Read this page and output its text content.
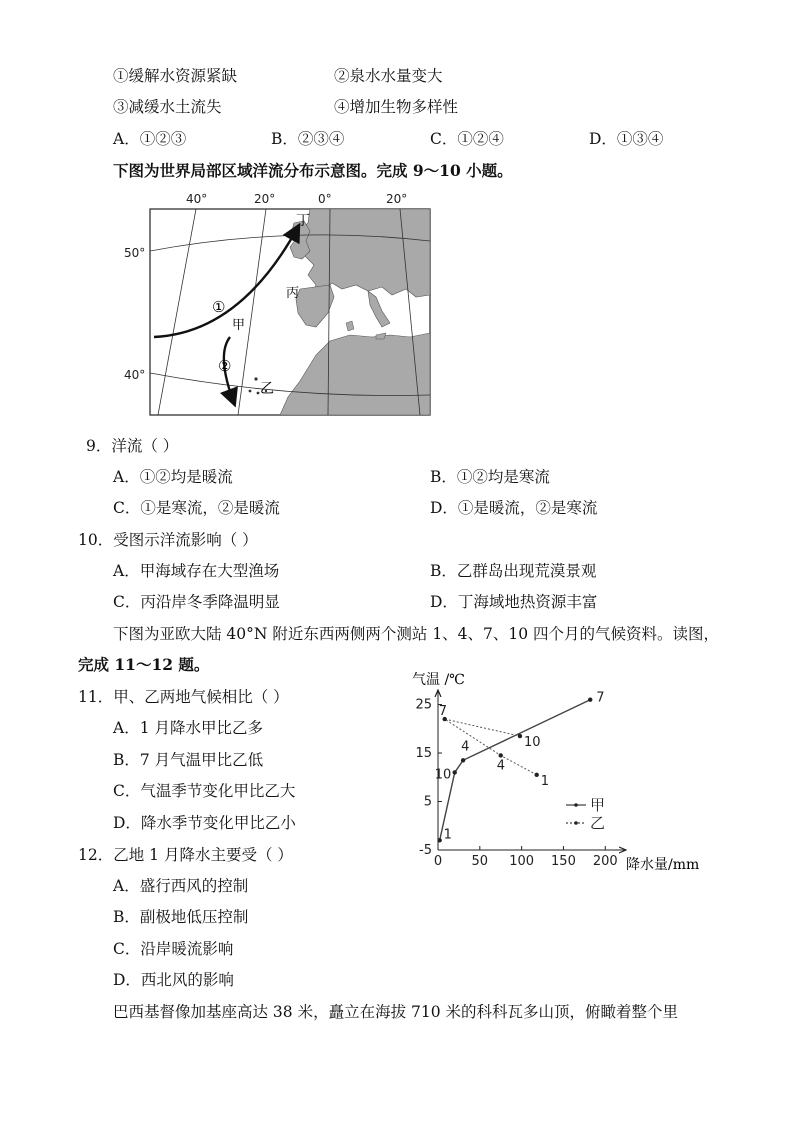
①缓解水资源紧缺	②泉水水量变大
③减缓水土流失	④增加生物多样性
A．①②③	B．②③④	C．①②④	D．①③④
下图为世界局部区域洋流分布示意图。完成 9～10 小题。
40°	20°	0°	20°
50°
40°
丁
丙
甲
乙
①
②
9．洋流（ ）
A．①②均是暖流	B．①②均是寒流
C．①是寒流，②是暖流	D．①是暖流，②是寒流
10．受图示洋流影响（ ）
A．甲海域存在大型渔场	B．乙群岛出现荒漠景观
C．丙沿岸冬季降温明显	D．丁海域地热资源丰富
下图为亚欧大陆 40°N 附近东西两侧两个测站 1、4、7、10 四个月的气候资料。读图，
完成 11～12 题。
11．甲、乙两地气候相比（ ）
A．1 月降水甲比乙多
B．7 月气温甲比乙低
C．气温季节变化甲比乙大
D．降水季节变化甲比乙小
12．乙地 1 月降水主要受（ ）
A．盛行西风的控制
B．副极地低压控制
C．沿岸暖流影响
D．西北风的影响
巴西基督像加基座高达 38 米，矗立在海拔 710 米的科科瓦多山顶，俯瞰着整个里
气温 /℃
降水量/mm
0 50 100 150 200
-5
5
15
25
1
10
4
7
1
4
7
10
甲
乙
